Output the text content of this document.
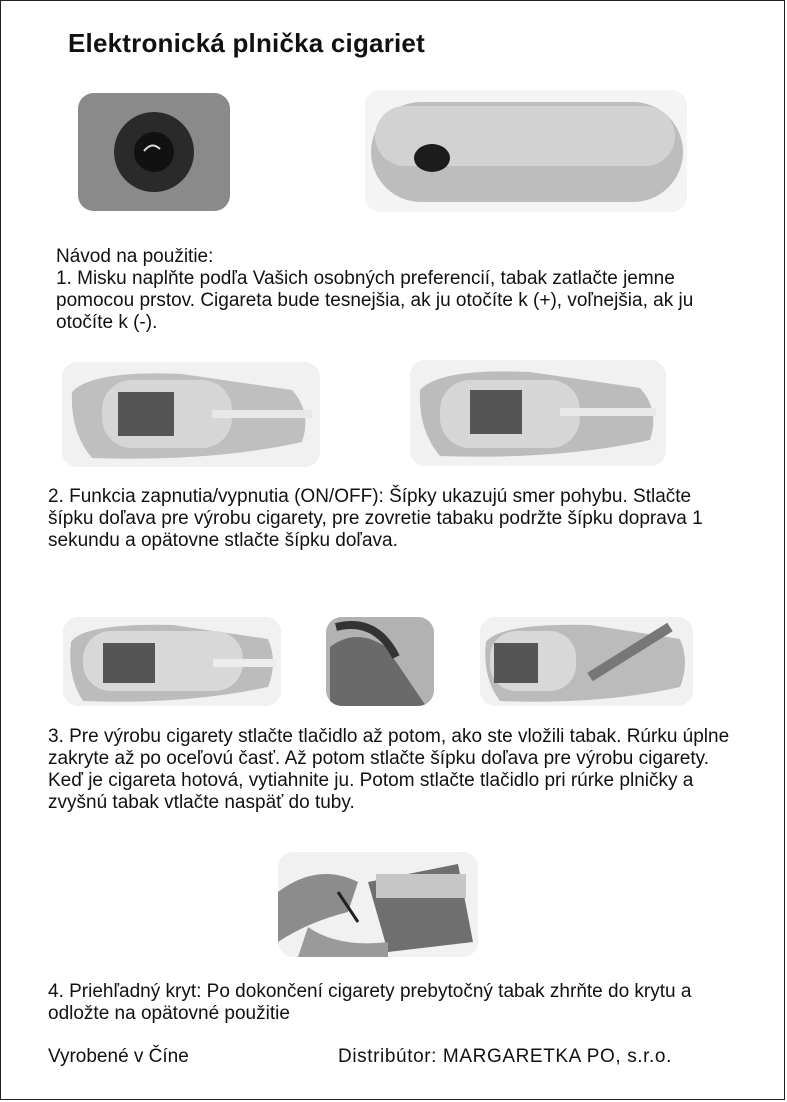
Elektronická plnička cigariet
Návod na použitie:
1. Misku naplňte podľa Vašich osobných preferencií, tabak zatlačte jemne pomocou prstov. Cigareta bude tesnejšia, ak ju otočíte k (+), voľnejšia, ak ju otočíte k (-).
2. Funkcia zapnutia/vypnutia (ON/OFF): Šípky ukazujú smer pohybu. Stlačte šípku doľava pre výrobu cigarety, pre zovretie tabaku podržte šípku doprava 1 sekundu a opätovne stlačte šípku doľava.
3. Pre výrobu cigarety stlačte tlačidlo až potom, ako ste vložili tabak. Rúrku úplne zakryte až po oceľovú časť. Až potom stlačte šípku doľava pre výrobu cigarety. Keď je cigareta hotová, vytiahnite ju. Potom stlačte tlačidlo pri rúrke plničky a zvyšnú tabak vtlačte naspäť do tuby.
4. Priehľadný kryt: Po dokončení cigarety prebytočný tabak zhrňte do krytu a odložte na opätovné použitie
Vyrobené v Číne	Distribútor: MARGARETKA PO, s.r.o.
